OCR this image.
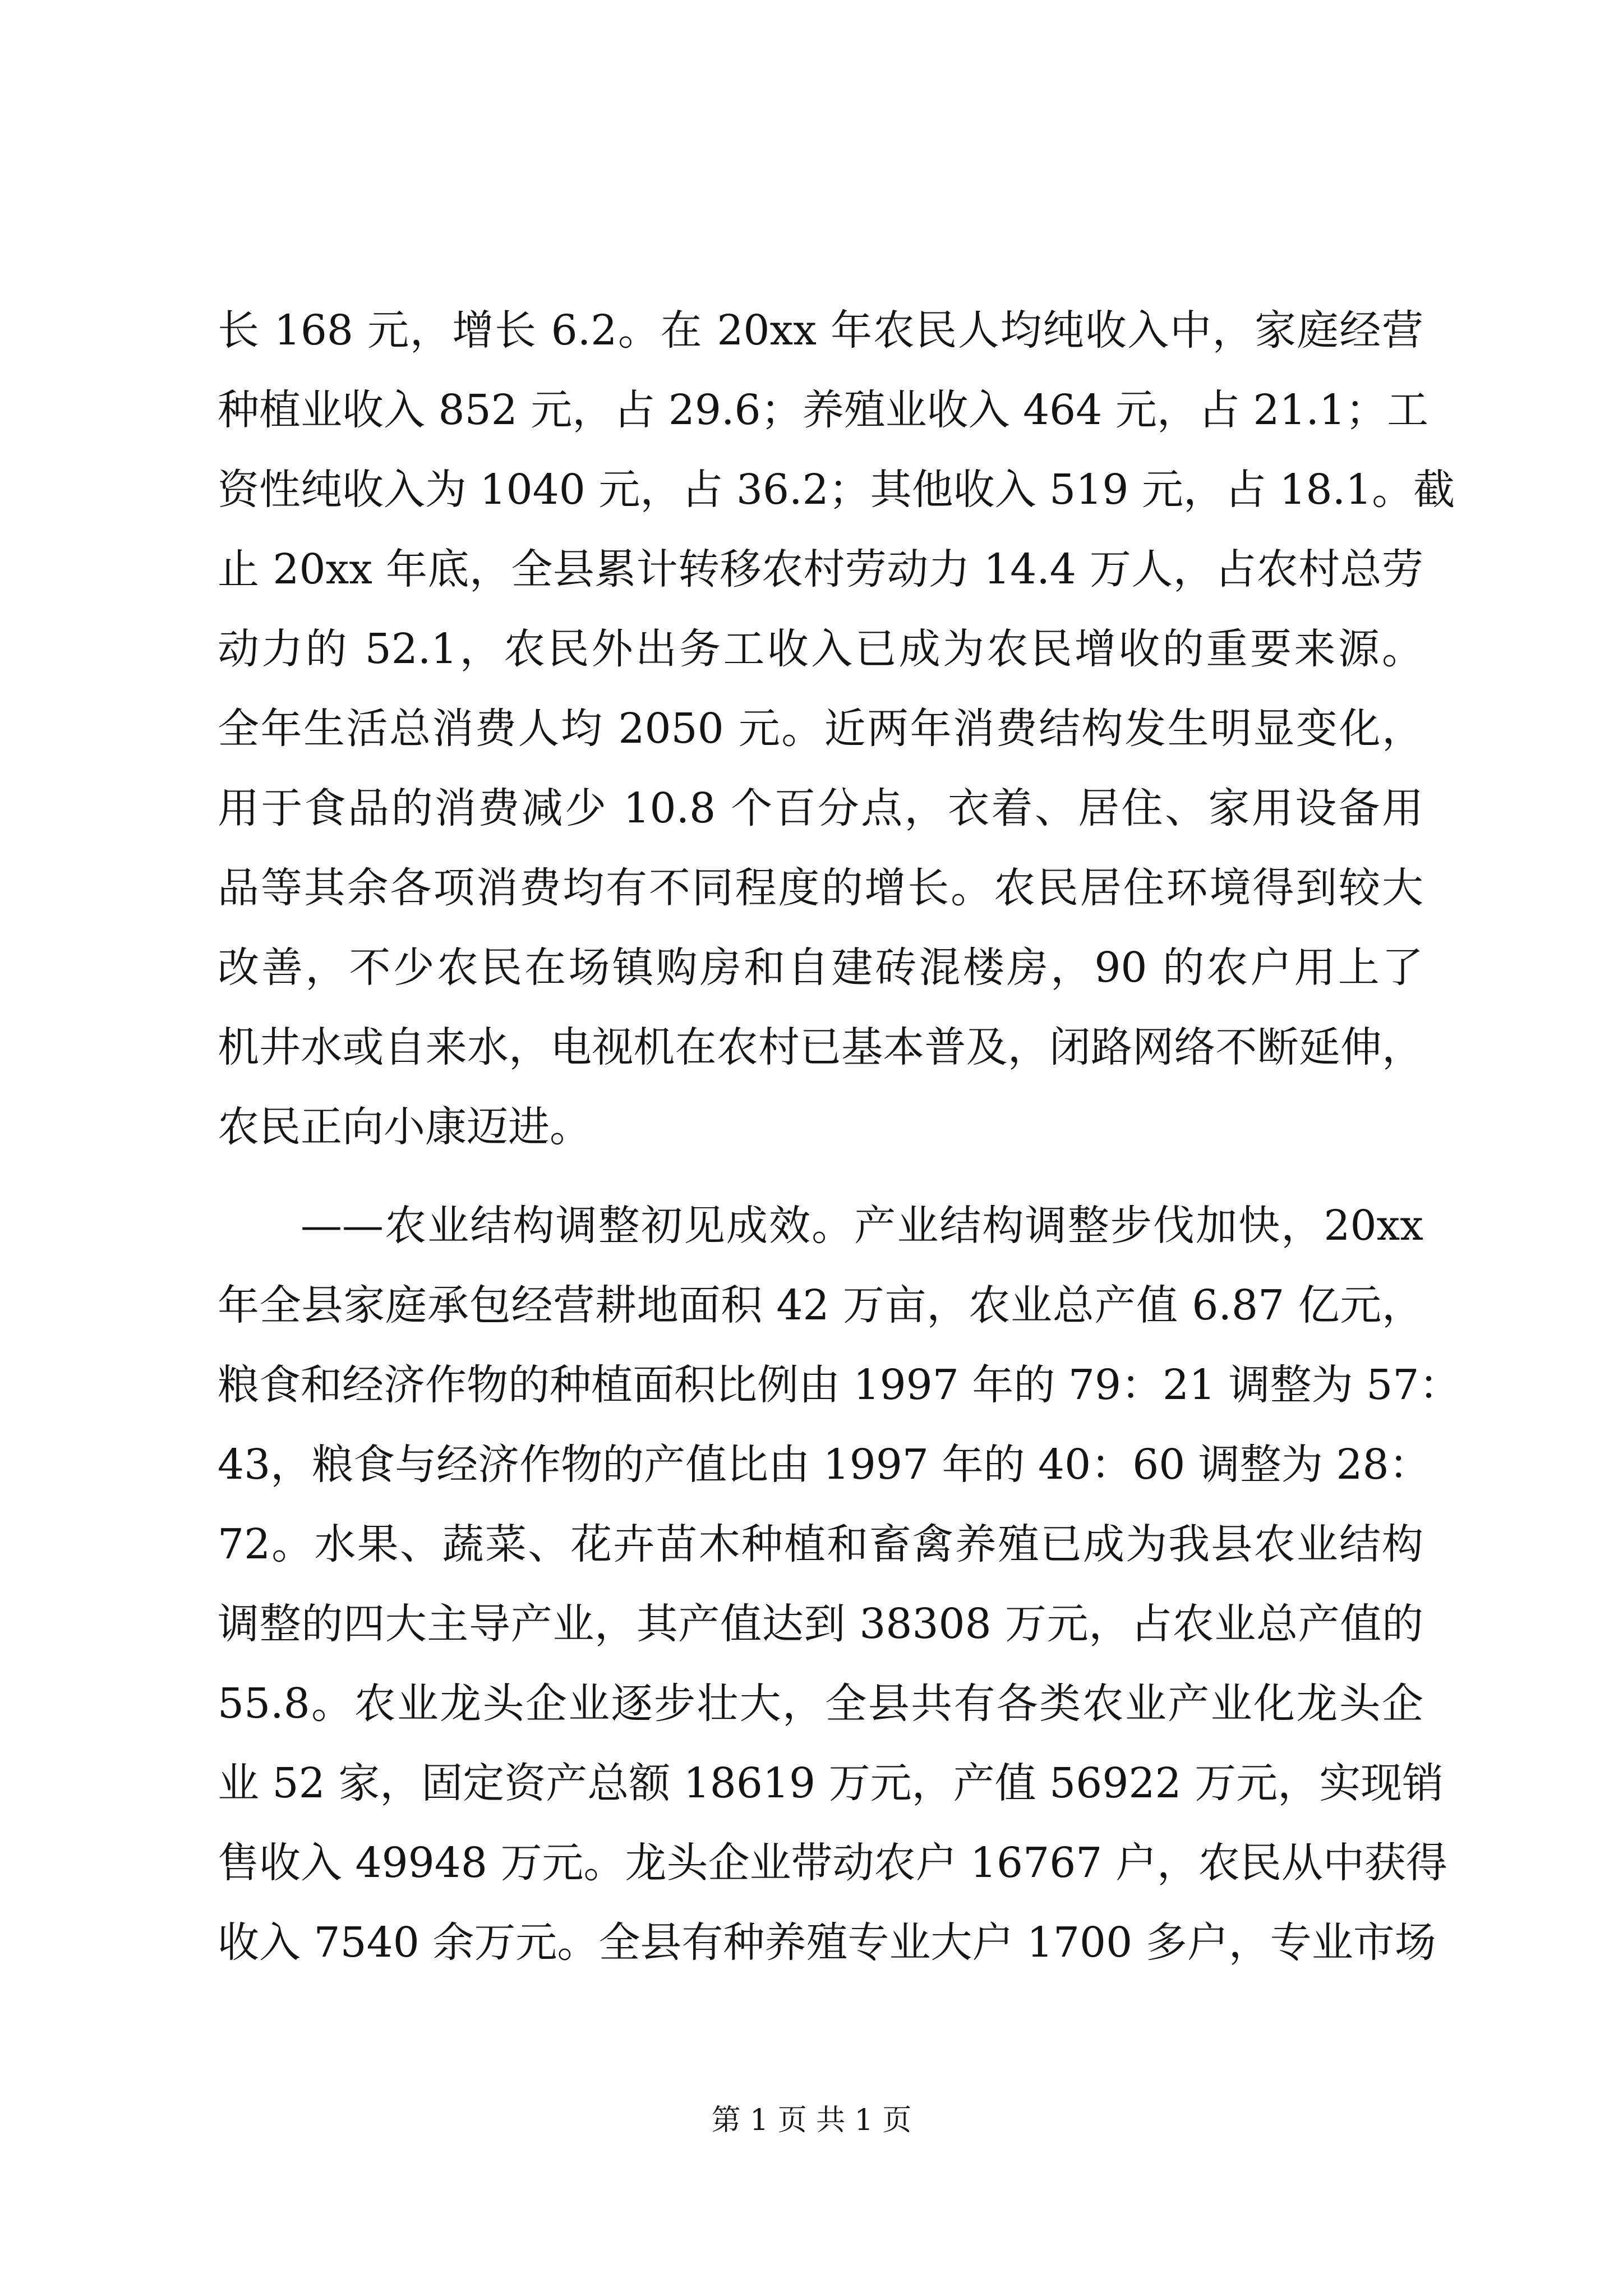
长 168 元，增长 6.2。在 20xx 年农民人均纯收入中，家庭经营
种植业收入 852 元，占 29.6；养殖业收入 464 元，占 21.1；工
资性纯收入为 1040 元，占 36.2；其他收入 519 元，占 18.1。截
止 20xx 年底，全县累计转移农村劳动力 14.4 万人，占农村总劳
动力的 52.1，农民外出务工收入已成为农民增收的重要来源。
全年生活总消费人均 2050 元。近两年消费结构发生明显变化，
用于食品的消费减少 10.8 个百分点，衣着、居住、家用设备用
品等其余各项消费均有不同程度的增长。农民居住环境得到较大
改善，不少农民在场镇购房和自建砖混楼房，90 的农户用上了
机井水或自来水，电视机在农村已基本普及，闭路网络不断延伸，
农民正向小康迈进。
——农业结构调整初见成效。产业结构调整步伐加快，20xx
年全县家庭承包经营耕地面积 42 万亩，农业总产值 6.87 亿元，
粮食和经济作物的种植面积比例由 1997 年的 79：21 调整为 57：
43，粮食与经济作物的产值比由 1997 年的 40：60 调整为 28：
72。水果、蔬菜、花卉苗木种植和畜禽养殖已成为我县农业结构
调整的四大主导产业，其产值达到 38308 万元，占农业总产值的
55.8。农业龙头企业逐步壮大，全县共有各类农业产业化龙头企
业 52 家，固定资产总额 18619 万元，产值 56922 万元，实现销
售收入 49948 万元。龙头企业带动农户 16767 户，农民从中获得
收入 7540 余万元。全县有种养殖专业大户 1700 多户，专业市场
第 1 页 共 1 页
